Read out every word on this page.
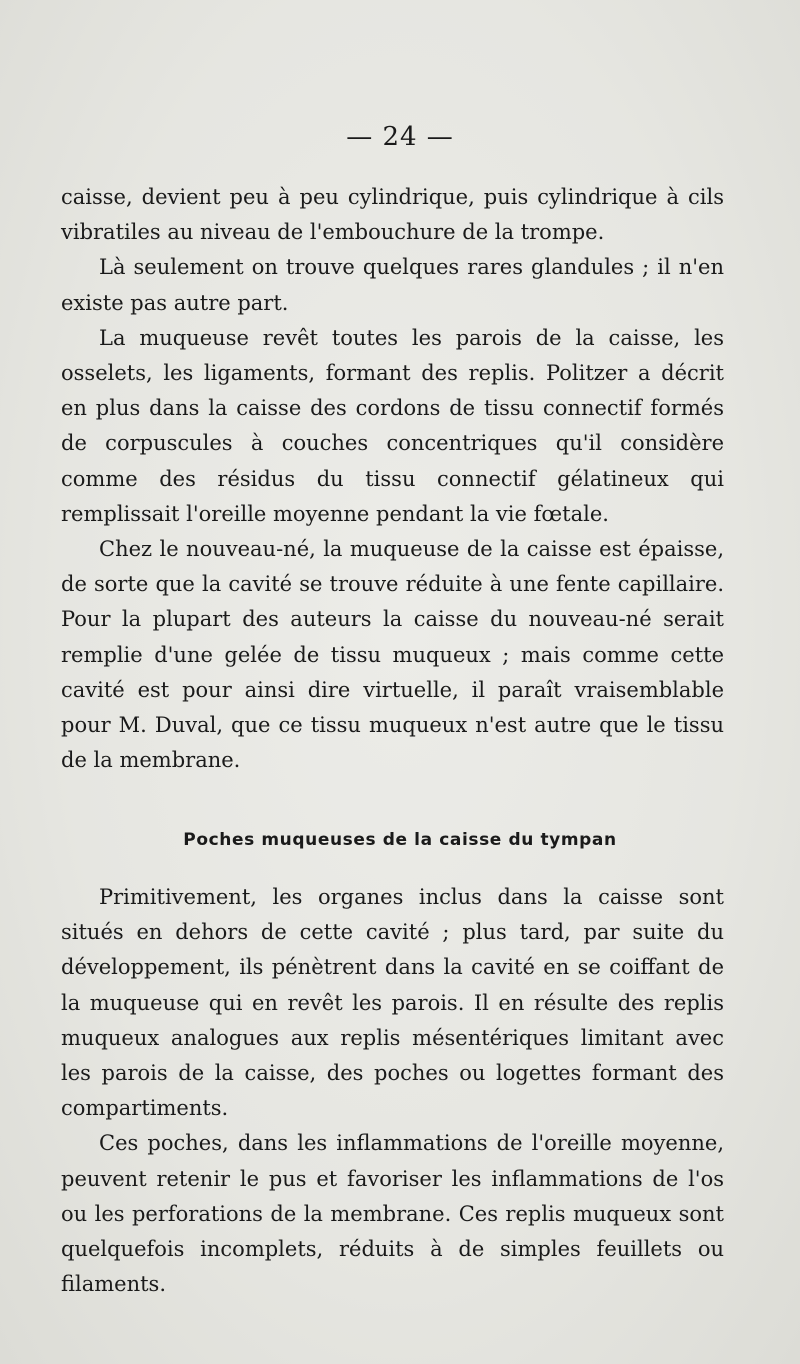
— 24 —

caisse, devient peu à peu cylindrique, puis cylindrique à cils vibratiles au niveau de l'embouchure de la trompe.

Là seulement on trouve quelques rares glandules ; il n'en existe pas autre part.

La muqueuse revêt toutes les parois de la caisse, les osselets, les ligaments, formant des replis. Politzer a décrit en plus dans la caisse des cordons de tissu connectif formés de corpuscules à couches concentriques qu'il considère comme des résidus du tissu connectif gélatineux qui remplissait l'oreille moyenne pendant la vie fœtale.

Chez le nouveau-né, la muqueuse de la caisse est épaisse, de sorte que la cavité se trouve réduite à une fente capillaire. Pour la plupart des auteurs la caisse du nouveau-né serait remplie d'une gelée de tissu muqueux ; mais comme cette cavité est pour ainsi dire virtuelle, il paraît vraisemblable pour M. Duval, que ce tissu muqueux n'est autre que le tissu de la membrane.

Poches muqueuses de la caisse du tympan

Primitivement, les organes inclus dans la caisse sont situés en dehors de cette cavité ; plus tard, par suite du développement, ils pénètrent dans la cavité en se coiffant de la muqueuse qui en revêt les parois. Il en résulte des replis muqueux analogues aux replis mésentériques limitant avec les parois de la caisse, des poches ou logettes formant des compartiments.

Ces poches, dans les inflammations de l'oreille moyenne, peuvent retenir le pus et favoriser les inflammations de l'os ou les perforations de la membrane. Ces replis muqueux sont quelquefois incomplets, réduits à de simples feuillets ou filaments.
